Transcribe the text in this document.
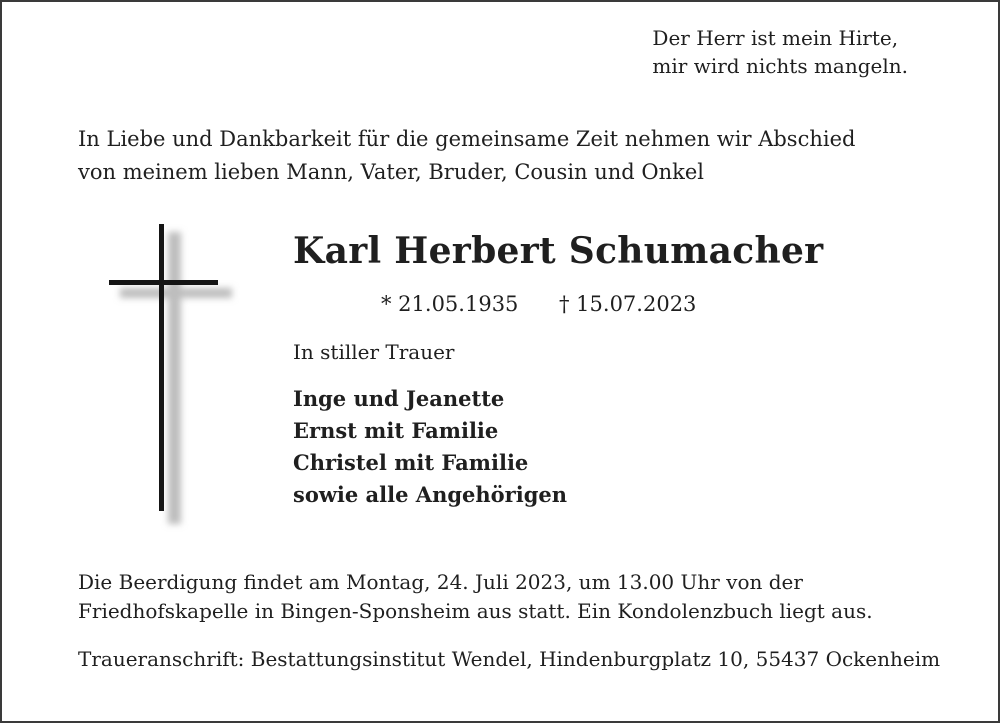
Der Herr ist mein Hirte,
mir wird nichts mangeln.
In Liebe und Dankbarkeit für die gemeinsame Zeit nehmen wir Abschied
von meinem lieben Mann, Vater, Bruder, Cousin und Onkel
Karl Herbert Schumacher
* 21.05.1935 † 15.07.2023
In stiller Trauer
Inge und Jeanette
Ernst mit Familie
Christel mit Familie
sowie alle Angehörigen
Die Beerdigung findet am Montag, 24. Juli 2023, um 13.00 Uhr von der
Friedhofskapelle in Bingen-Sponsheim aus statt. Ein Kondolenzbuch liegt aus.
Traueranschrift: Bestattungsinstitut Wendel, Hindenburgplatz 10, 55437 Ockenheim
